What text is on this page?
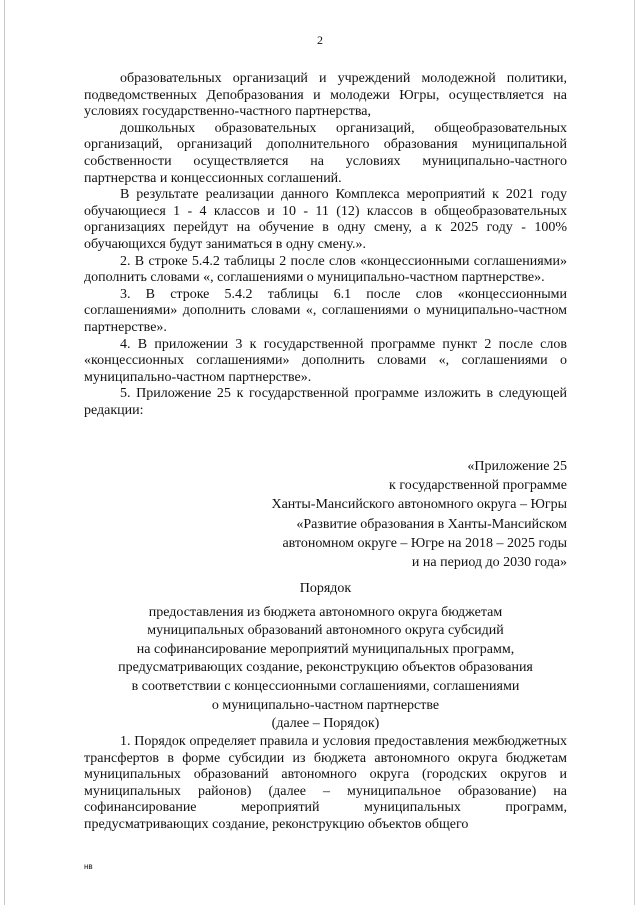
2

образовательных организаций и учреждений молодежной политики, подведомственных Депобразования и молодежи Югры, осуществляется на условиях государственно-частного партнерства,

дошкольных образовательных организаций, общеобразовательных организаций, организаций дополнительного образования муниципальной собственности осуществляется на условиях муниципально-частного партнерства и концессионных соглашений.

В результате реализации данного Комплекса мероприятий к 2021 году обучающиеся 1 - 4 классов и 10 - 11 (12) классов в общеобразовательных организациях перейдут на обучение в одну смену, а к 2025 году - 100% обучающихся будут заниматься в одну смену.».

2. В строке 5.4.2 таблицы 2 после слов «концессионными соглашениями» дополнить словами «, соглашениями о муниципально-частном партнерстве».

3. В строке 5.4.2 таблицы 6.1 после слов «концессионными соглашениями» дополнить словами «, соглашениями о муниципально-частном партнерстве».

4. В приложении 3 к государственной программе пункт 2 после слов «концессионных соглашениями» дополнить словами «, соглашениями о муниципально-частном партнерстве».

5. Приложение 25 к государственной программе изложить в следующей редакции:

«Приложение 25
к государственной программе
Ханты-Мансийского автономного округа – Югры
«Развитие образования в Ханты-Мансийском
автономном округе – Югре на 2018 – 2025 годы
и на период до 2030 года»
Порядок
предоставления из бюджета автономного округа бюджетам
муниципальных образований автономного округа субсидий
на софинансирование мероприятий муниципальных программ,
предусматривающих создание, реконструкцию объектов образования
в соответствии с концессионными соглашениями, соглашениями
о муниципально-частном партнерстве
(далее – Порядок)

1. Порядок определяет правила и условия предоставления межбюджетных трансфертов в форме субсидии из бюджета автономного округа бюджетам муниципальных образований автономного округа (городских округов и муниципальных районов) (далее – муниципальное образование) на софинансирование мероприятий муниципальных программ, предусматривающих создание, реконструкцию объектов общего

нв
